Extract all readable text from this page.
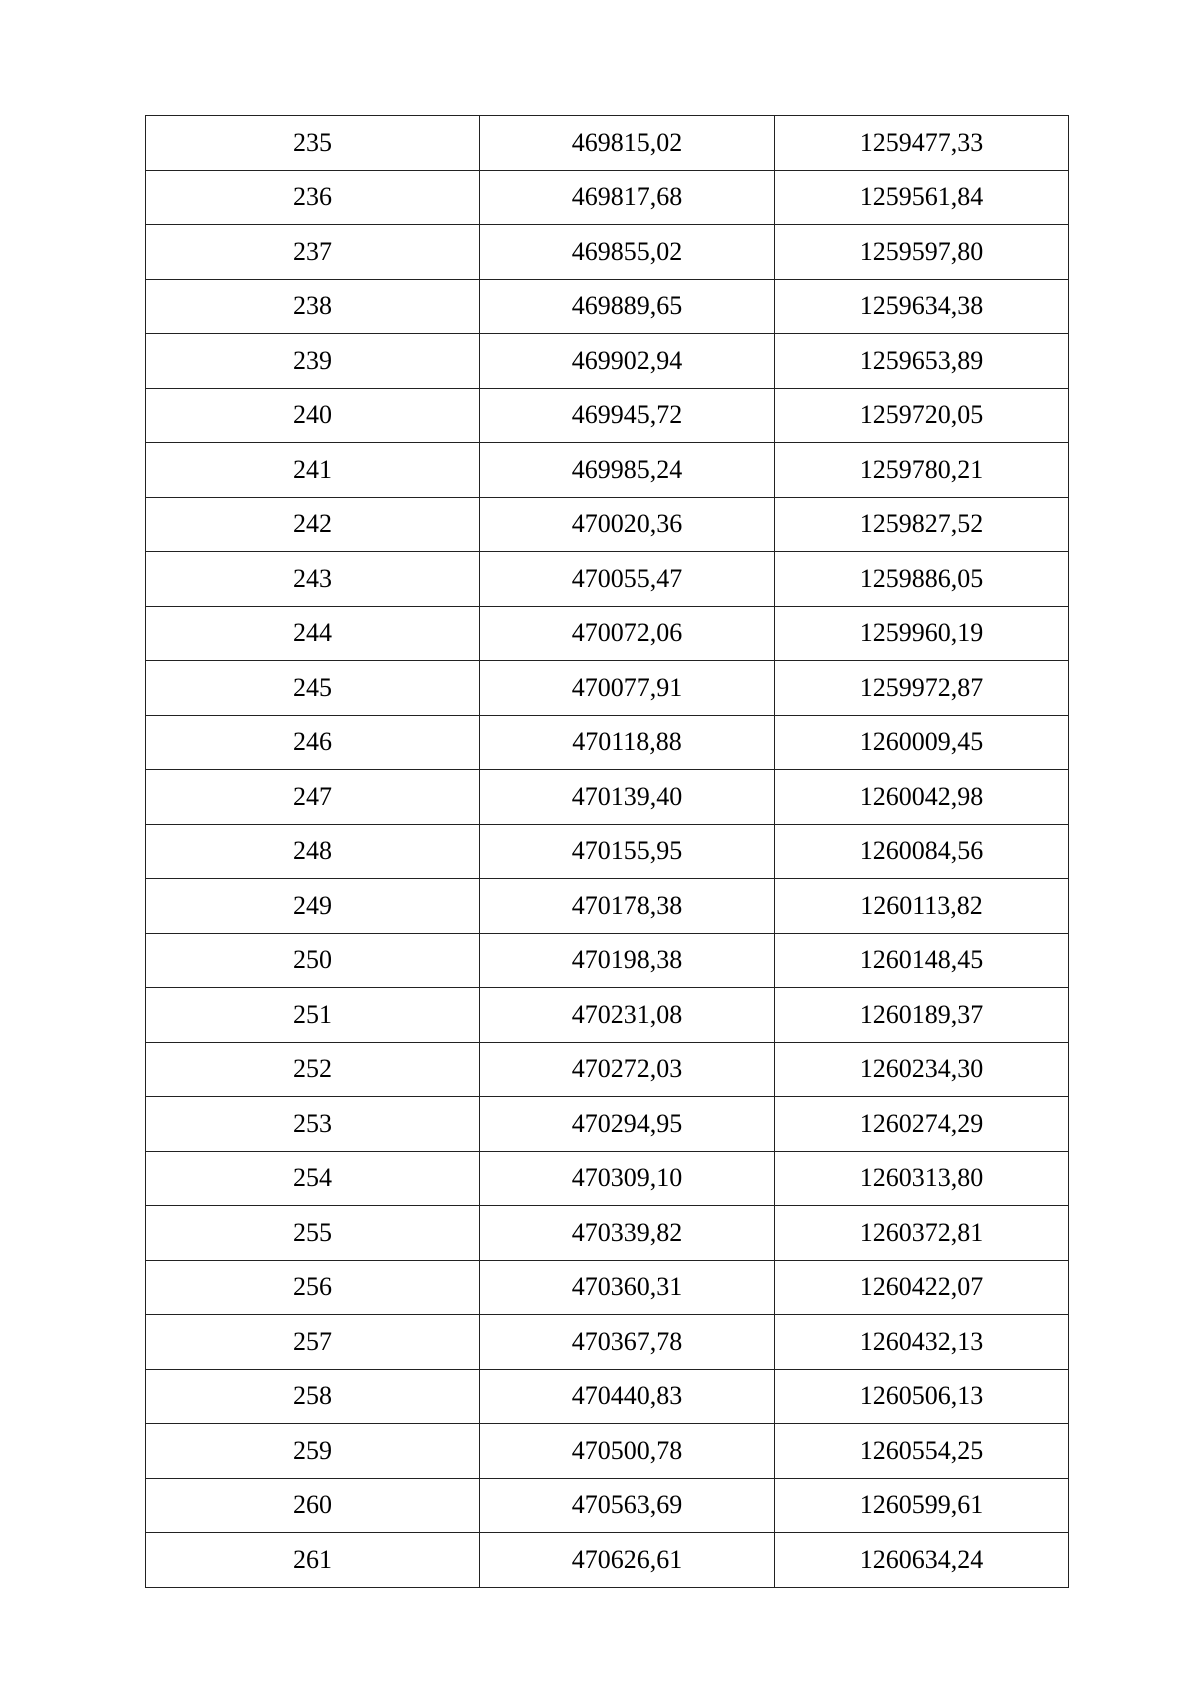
235	469815,02	1259477,33
236	469817,68	1259561,84
237	469855,02	1259597,80
238	469889,65	1259634,38
239	469902,94	1259653,89
240	469945,72	1259720,05
241	469985,24	1259780,21
242	470020,36	1259827,52
243	470055,47	1259886,05
244	470072,06	1259960,19
245	470077,91	1259972,87
246	470118,88	1260009,45
247	470139,40	1260042,98
248	470155,95	1260084,56
249	470178,38	1260113,82
250	470198,38	1260148,45
251	470231,08	1260189,37
252	470272,03	1260234,30
253	470294,95	1260274,29
254	470309,10	1260313,80
255	470339,82	1260372,81
256	470360,31	1260422,07
257	470367,78	1260432,13
258	470440,83	1260506,13
259	470500,78	1260554,25
260	470563,69	1260599,61
261	470626,61	1260634,24
